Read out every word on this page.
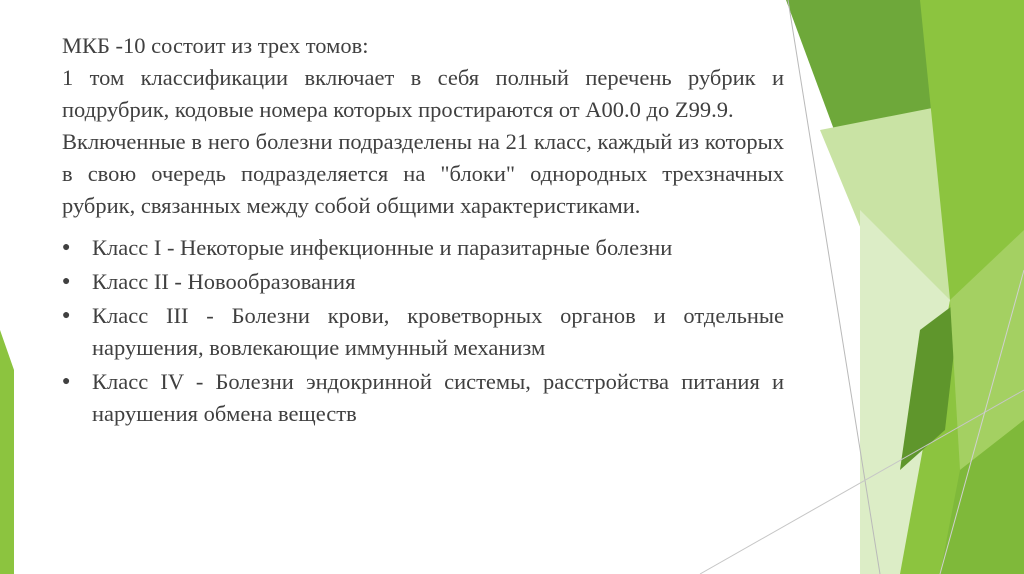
МКБ -10 состоит из трех томов:

1 том классификации включает в себя полный перечень рубрик и подрубрик, кодовые номера которых простираются от А00.0 до Z99.9.

Включенные в него болезни подразделены на 21 класс, каждый из которых в свою очередь подразделяется на "блоки" однородных трехзначных рубрик, связанных между собой общими характеристиками.

● Класс I - Некоторые инфекционные и паразитарные болезни
● Класс II - Новообразования
● Класс III - Болезни крови, кроветворных органов и отдельные нарушения, вовлекающие иммунный механизм
● Класс IV - Болезни эндокринной системы, расстройства питания и нарушения обмена веществ
